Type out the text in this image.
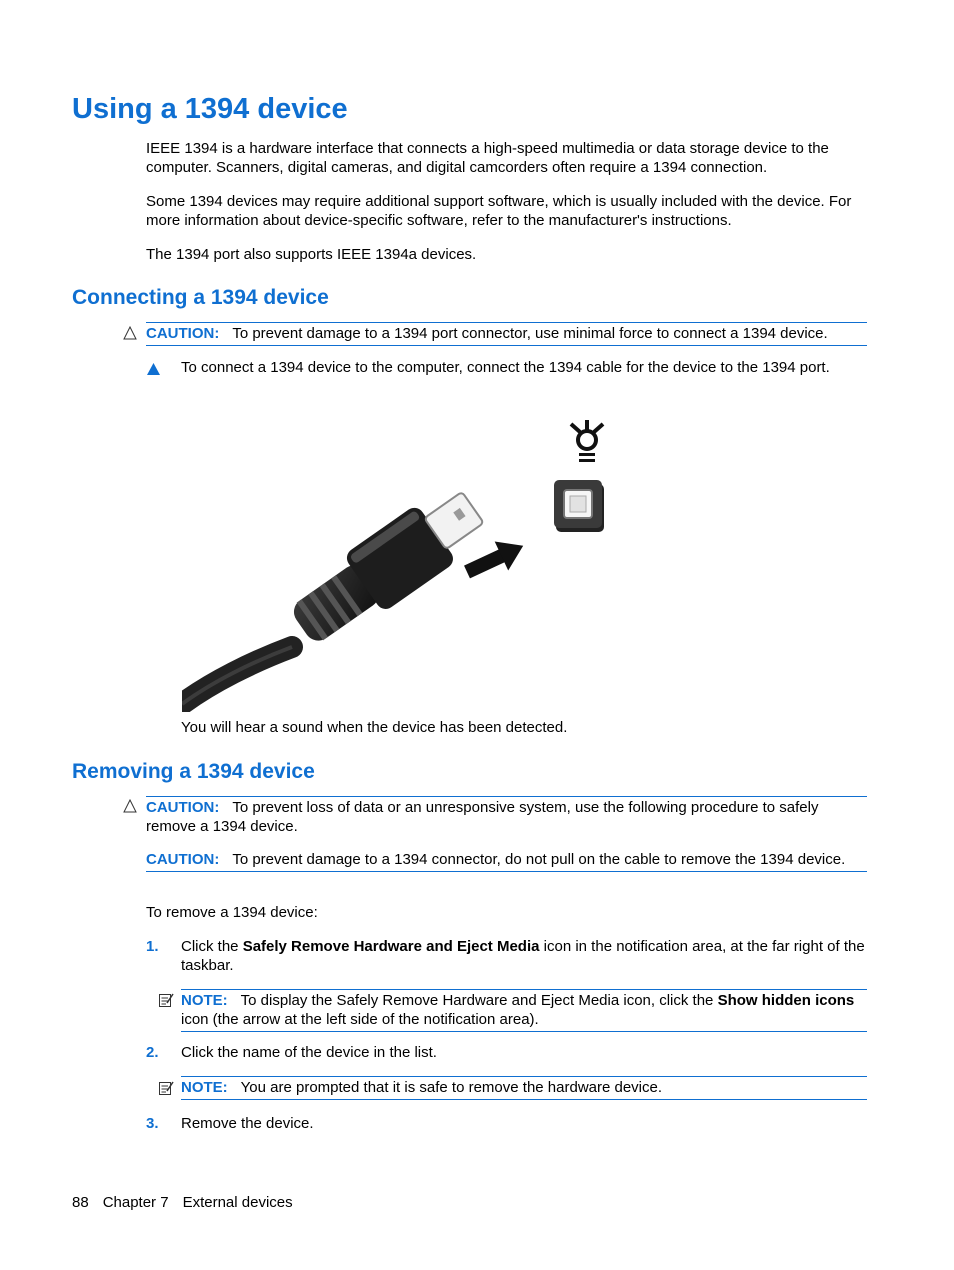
Using a 1394 device
IEEE 1394 is a hardware interface that connects a high-speed multimedia or data storage device to the computer. Scanners, digital cameras, and digital camcorders often require a 1394 connection.
Some 1394 devices may require additional support software, which is usually included with the device. For more information about device-specific software, refer to the manufacturer's instructions.
The 1394 port also supports IEEE 1394a devices.
Connecting a 1394 device

CAUTION: To prevent damage to a 1394 port connector, use minimal force to connect a 1394 device.

To connect a 1394 device to the computer, connect the 1394 cable for the device to the 1394 port.
You will hear a sound when the device has been detected.
Removing a 1394 device

CAUTION: To prevent loss of data or an unresponsive system, use the following procedure to safely remove a 1394 device.

CAUTION: To prevent damage to a 1394 connector, do not pull on the cable to remove the 1394 device.

To remove a 1394 device:
1. Click the Safely Remove Hardware and Eject Media icon in the notification area, at the far right of the taskbar.
NOTE: To display the Safely Remove Hardware and Eject Media icon, click the Show hidden icons icon (the arrow at the left side of the notification area).
2. Click the name of the device in the list.
NOTE: You are prompted that it is safe to remove the hardware device.
3. Remove the device.
88 Chapter 7 External devices
